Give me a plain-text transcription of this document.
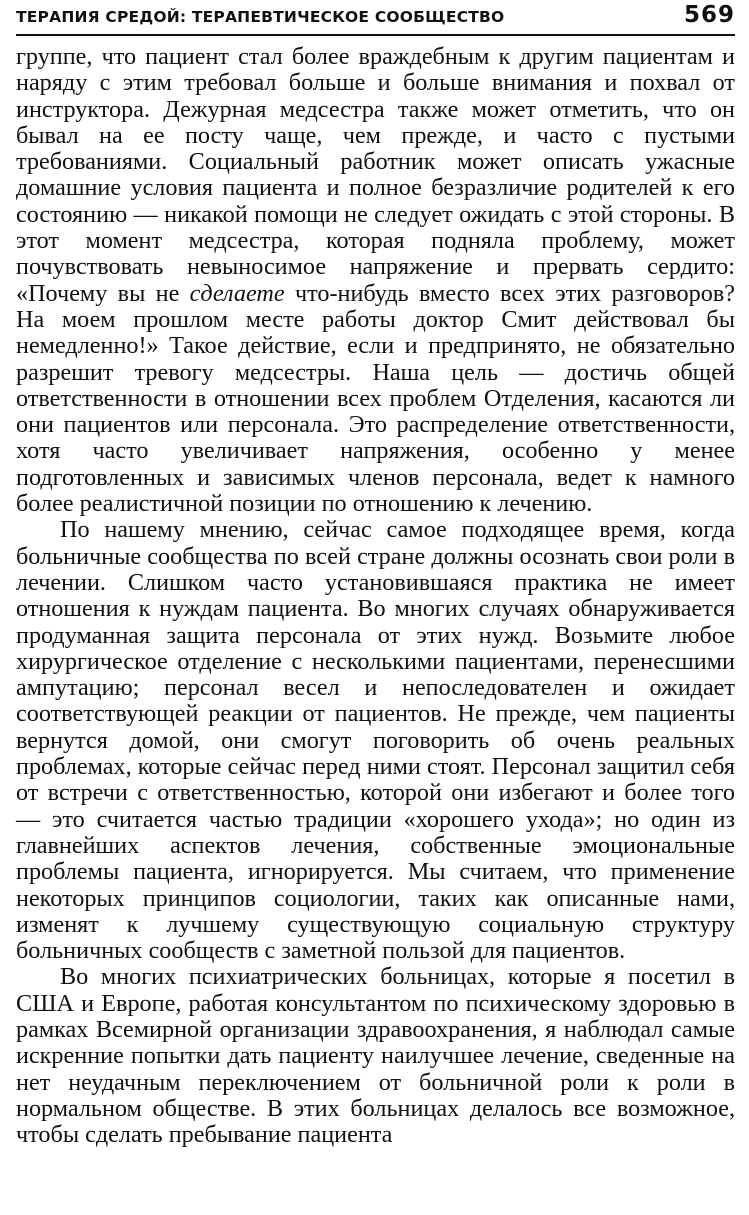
ТЕРАПИЯ СРЕДОЙ: ТЕРАПЕВТИЧЕСКОЕ СООБЩЕСТВО	569

группе, что пациент стал более враждебным к другим пациентам и наряду с этим требовал больше и больше внимания и похвал от инструктора. Дежурная медсестра также может отметить, что он бывал на ее посту чаще, чем прежде, и часто с пустыми требованиями. Социальный работник может описать ужасные домашние условия пациента и полное безразличие родителей к его состоянию — никакой помощи не следует ожидать с этой стороны. В этот момент медсестра, которая подняла проблему, может почувствовать невыносимое напряжение и прервать сердито: «Почему вы не сделаете что-нибудь вместо всех этих разговоров? На моем прошлом месте работы доктор Смит действовал бы немедленно!» Такое действие, если и предпринято, не обязательно разрешит тревогу медсестры. Наша цель — достичь общей ответственности в отношении всех проблем Отделения, касаются ли они пациентов или персонала. Это распределение ответственности, хотя часто увеличивает напряжения, особенно у менее подготовленных и зависимых членов персонала, ведет к намного более реалистичной позиции по отношению к лечению.

По нашему мнению, сейчас самое подходящее время, когда больничные сообщества по всей стране должны осознать свои роли в лечении. Слишком часто установившаяся практика не имеет отношения к нуждам пациента. Во многих случаях обнаруживается продуманная защита персонала от этих нужд. Возьмите любое хирургическое отделение с несколькими пациентами, перенесшими ампутацию; персонал весел и непоследователен и ожидает соответствующей реакции от пациентов. Не прежде, чем пациенты вернутся домой, они смогут поговорить об очень реальных проблемах, которые сейчас перед ними стоят. Персонал защитил себя от встречи с ответственностью, которой они избегают и более того — это считается частью традиции «хорошего ухода»; но один из главнейших аспектов лечения, собственные эмоциональные проблемы пациента, игнорируется. Мы считаем, что применение некоторых принципов социологии, таких как описанные нами, изменят к лучшему существующую социальную структуру больничных сообществ с заметной пользой для пациентов.

Во многих психиатрических больницах, которые я посетил в США и Европе, работая консультантом по психическому здоровью в рамках Всемирной организации здравоохранения, я наблюдал самые искренние попытки дать пациенту наилучшее лечение, сведенные на нет неудачным переключением от больничной роли к роли в нормальном обществе. В этих больницах делалось все возможное, чтобы сделать пребывание пациента
